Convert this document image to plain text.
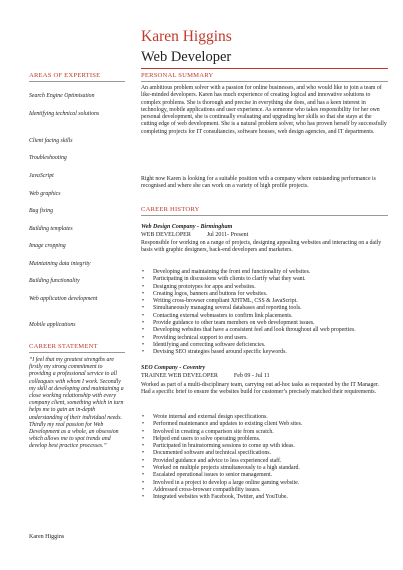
Karen Higgins
Web Developer
AREAS OF EXPERTISE
Search Engine Optimisation
Identifying technical solutions
Client facing skills
Troubleshooting
JavaScript
Web graphics
Bug fixing
Building templates
Image cropping
Maintaining data integrity
Building functionality
Web application development
Mobile applications
CAREER STATEMENT
“I feel that my greatest strengths are firstly my strong commitment to providing a professional service to all colleagues with whom I work. Secondly my skill at developing and maintaining a close working relationship with every company client, something which in turn helps me to gain an in-depth understanding of their individual needs. Thirdly my real passion for Web Development as a whole, an obsession which allows me to spot trends and develop best practice processes.”
Karen Higgins
PERSONAL SUMMARY
An ambitious problem solver with a passion for online businesses, and who would like to join a team of like-minded developers. Karen has much experience of creating logical and innovative solutions to complex problems. She is thorough and precise in everything she does, and has a keen interest in technology, mobile applications and user experience. As someone who takes responsibility for her own personal development, she is continually evaluating and upgrading her skills so that she stays at the cutting edge of web development. She is a natural problem solver, who has proven herself by successfully completing projects for IT consultancies, software houses, web design agencies, and IT departments.
Right now Karen is looking for a suitable position with a company where outstanding performance is recognised and where she can work on a variety of high profile projects.
CAREER HISTORY
Web Design Company - Birmingham
WEB DEVELOPER	Jul 2011- Present
Responsible for working on a range of projects, designing appealing websites and interacting on a daily basis with graphic designers, back-end developers and marketers.
• Developing and maintaining the front end functionality of websites.
• Participating in discussions with clients to clarify what they want.
• Designing prototypes for apps and websites.
• Creating logos, banners and buttons for websites.
• Writing cross-browser compliant XHTML, CSS & JavaScript.
• Simultaneously managing several databases and reporting tools.
• Contacting external webmasters to confirm link placements.
• Provide guidance to other team members on web development issues.
• Developing websites that have a consistent feel and look throughout all web properties.
• Providing technical support to end users.
• Identifying and correcting software deficiencies.
• Devising SEO strategies based around specific keywords.
SEO Company - Coventry
TRAINEE WEB DEVELOPER	Feb 09 - Jul 11
Worked as part of a multi-disciplinary team, carrying out ad-hoc tasks as requested by the IT Manager. Had a specific brief to ensure the websites build for customer’s precisely matched their requirements.
• Wrote internal and external design specifications.
• Performed maintenance and updates to existing client Web sites.
• Involved in creating a comparison site from scratch.
• Helped end users to solve operating problems.
• Participated in brainstorming sessions to come up with ideas.
• Documented software and technical specifications.
• Provided guidance and advice to less experienced staff.
• Worked on multiple projects simultaneously to a high standard.
• Escalated operational issues to senior management.
• Involved in a project to develop a large online gaming website.
• Addressed cross-browser compatibility issues.
• Integrated websites with Facebook, Twitter, and YouTube.
